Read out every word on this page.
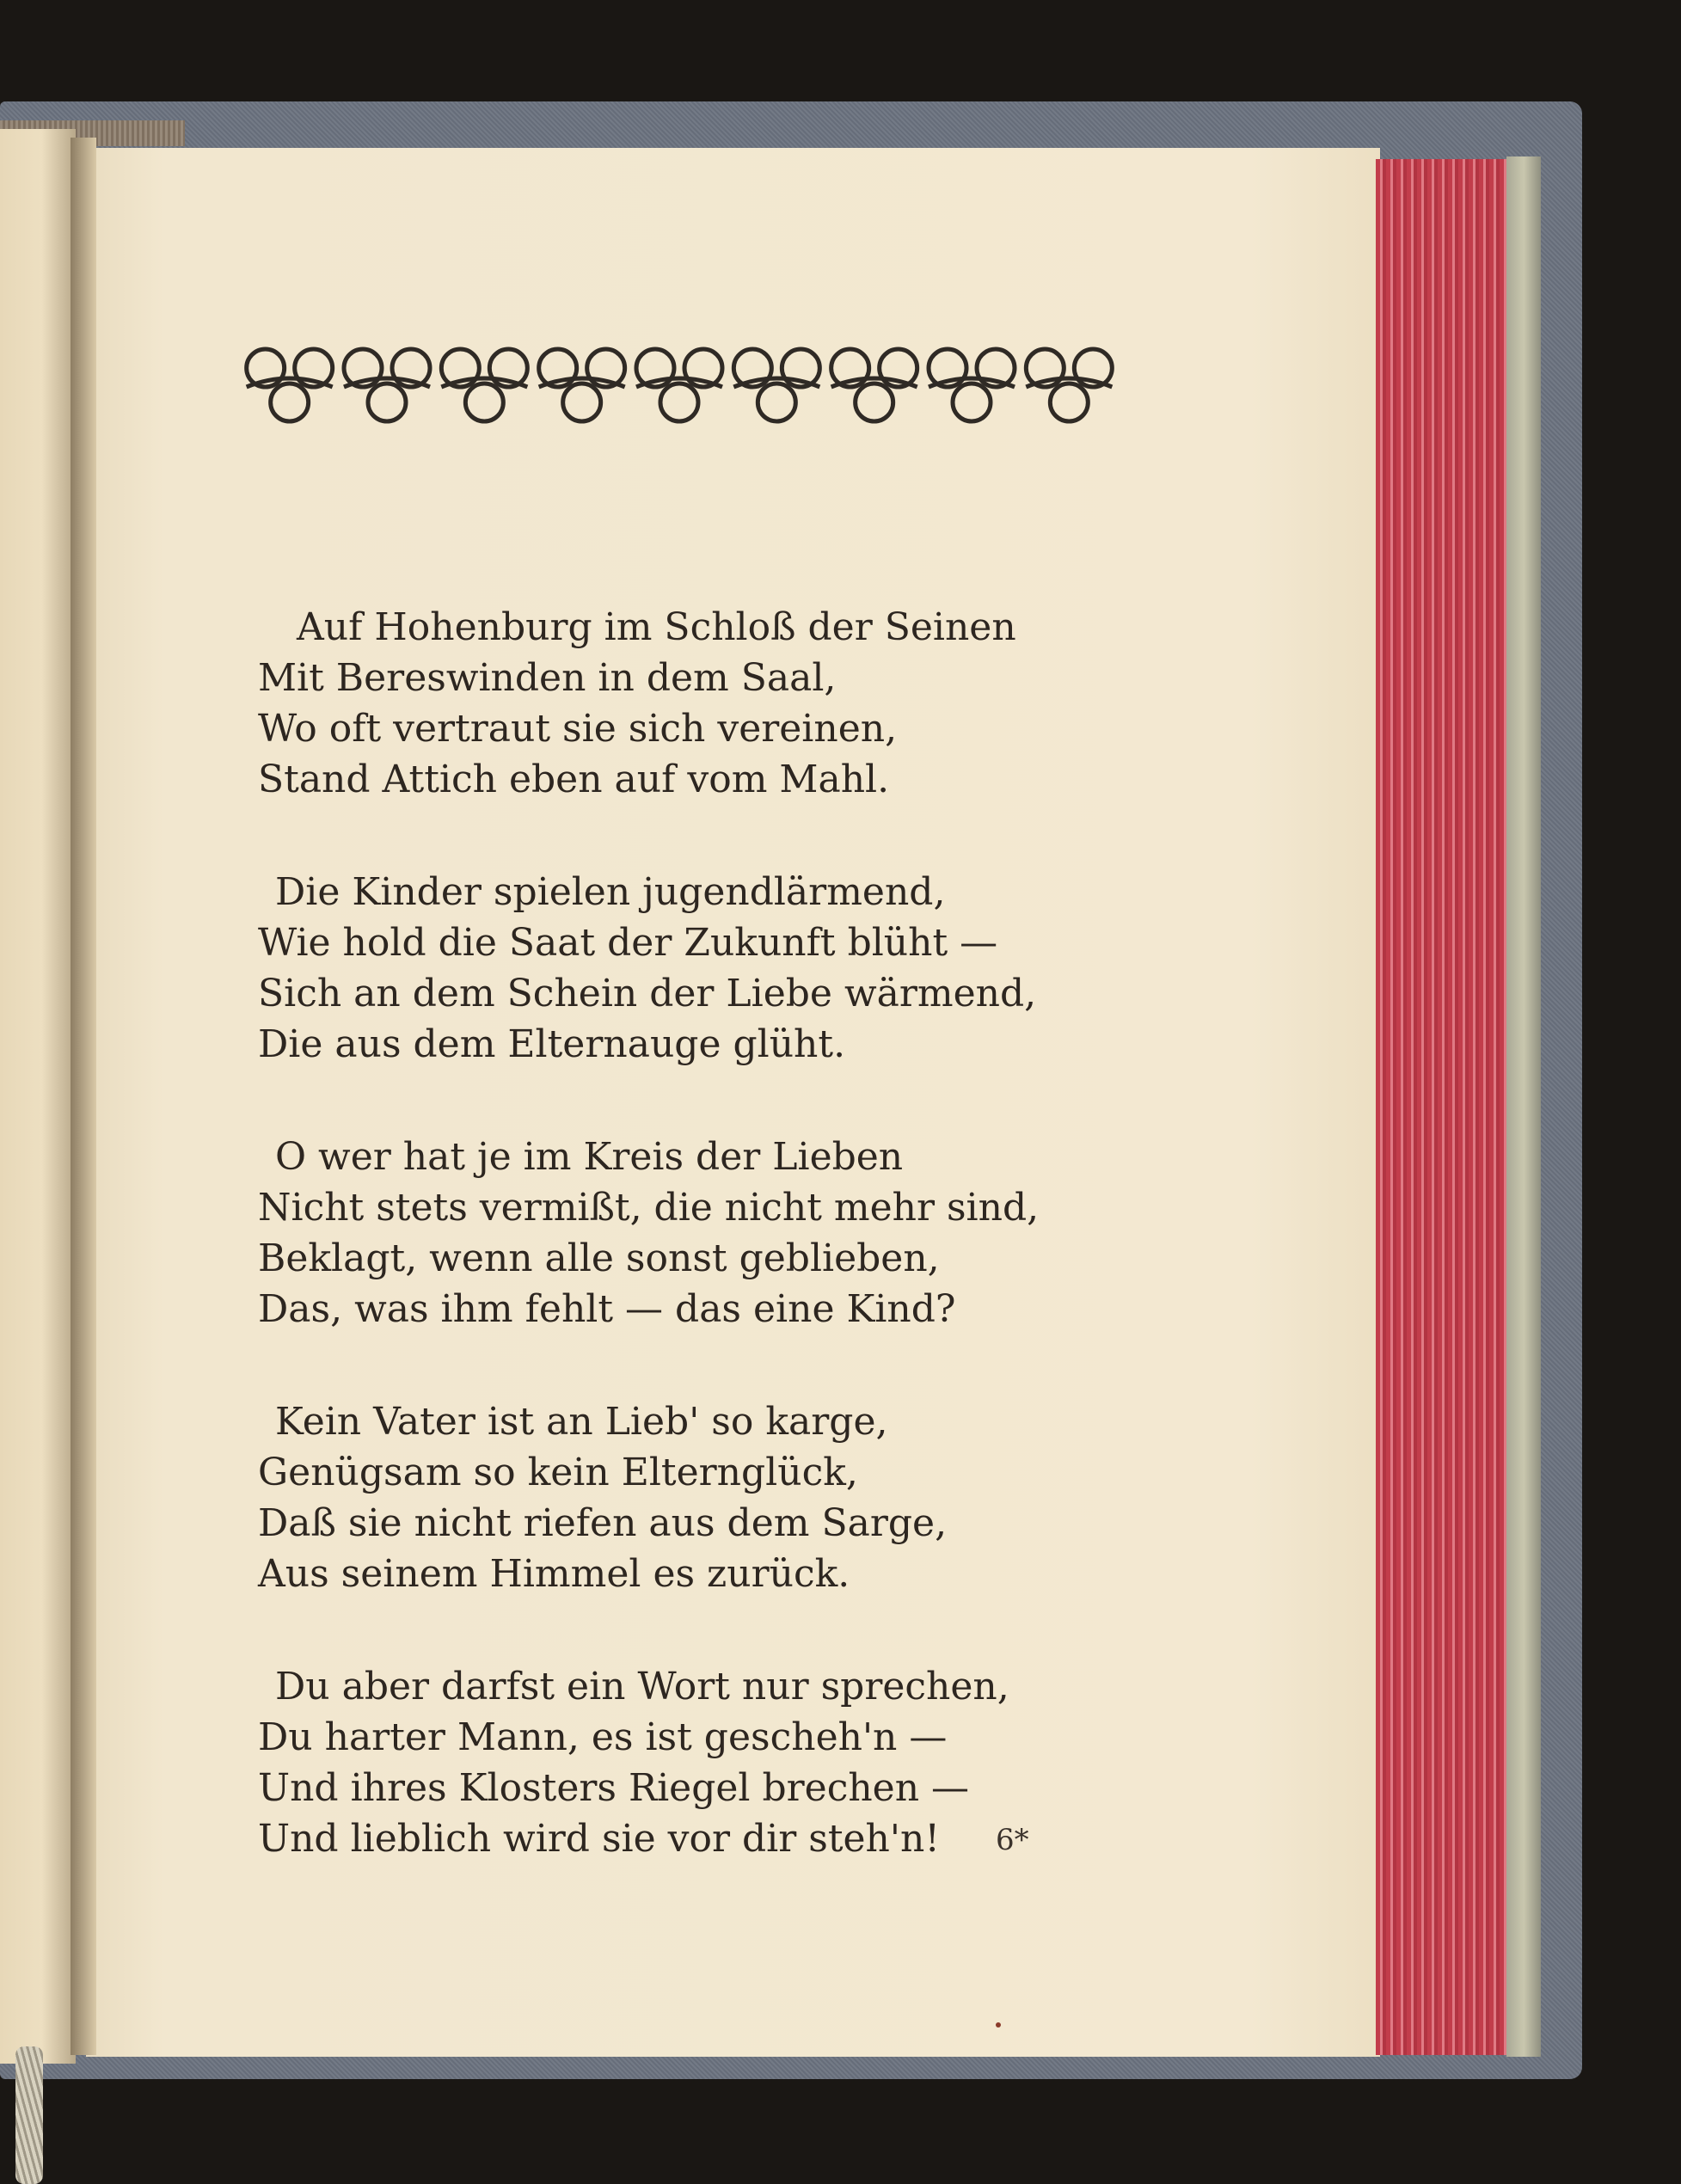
Auf Hohenburg im Schloß der Seinen
Mit Bereswinden in dem Saal,
Wo oft vertraut sie sich vereinen,
Stand Attich eben auf vom Mahl.
Die Kinder spielen jugendlärmend,
Wie hold die Saat der Zukunft blüht —
Sich an dem Schein der Liebe wärmend,
Die aus dem Elternauge glüht.
O wer hat je im Kreis der Lieben
Nicht stets vermißt, die nicht mehr sind,
Beklagt, wenn alle sonst geblieben,
Das, was ihm fehlt — das eine Kind?
Kein Vater ist an Lieb' so karge,
Genügsam so kein Elternglück,
Daß sie nicht riefen aus dem Sarge,
Aus seinem Himmel es zurück.
Du aber darfst ein Wort nur sprechen,
Du harter Mann, es ist gescheh'n —
Und ihres Klosters Riegel brechen —
Und lieblich wird sie vor dir steh'n!	6*
